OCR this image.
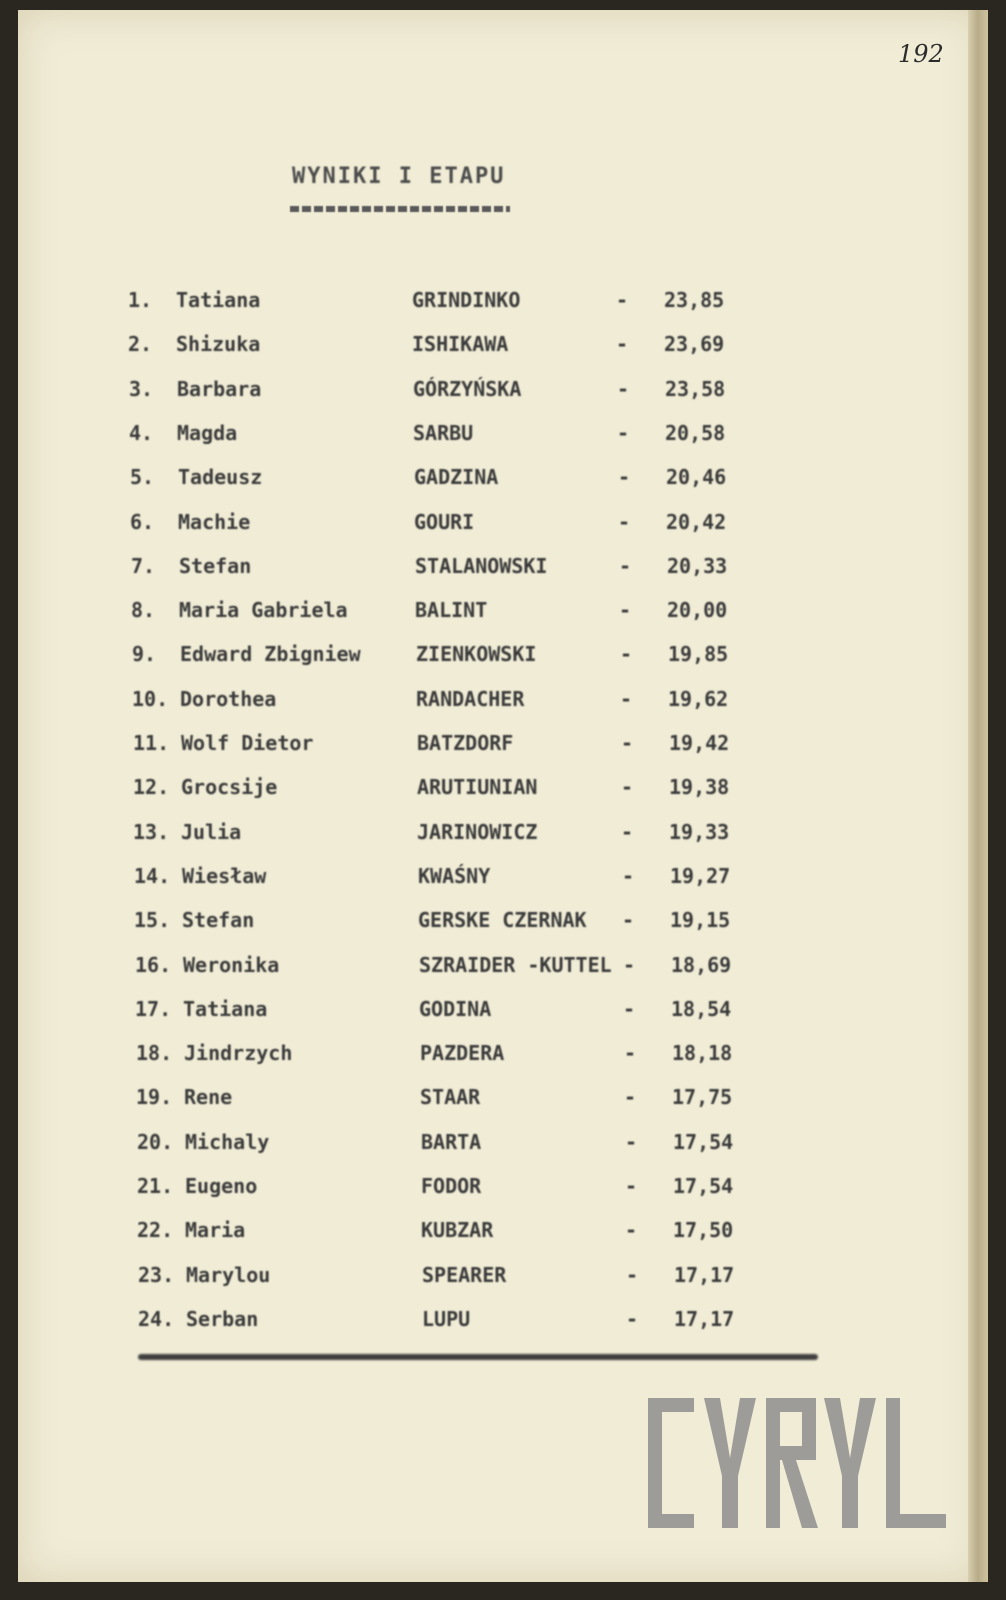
192
WYNIKI I ETAPU
1. Tatiana	GRINDINKO	- 23,85
2. Shizuka	ISHIKAWA	- 23,69
3. Barbara	GÓRZYŃSKA	- 23,58
4. Magda	SARBU	- 20,58
5. Tadeusz	GADZINA	- 20,46
6. Machie	GOURI	- 20,42
7. Stefan	STALANOWSKI	- 20,33
8. Maria Gabriela	BALINT	- 20,00
9. Edward Zbigniew	ZIENKOWSKI	- 19,85
10. Dorothea	RANDACHER	- 19,62
11. Wolf Dietor	BATZDORF	- 19,42
12. Grocsije	ARUTIUNIAN	- 19,38
13. Julia	JARINOWICZ	- 19,33
14. Wiesław	KWAŚNY	- 19,27
15. Stefan	GERSKE CZERNAK - 19,15
16. Weronika	SZRAIDER -KUTTEL - 18,69
17. Tatiana	GODINA	- 18,54
18. Jindrzych	PAZDERA	- 18,18
19. Rene	STAAR	- 17,75
20. Michaly	BARTA	- 17,54
21. Eugeno	FODOR	- 17,54
22. Maria	KUBZAR	- 17,50
23. Marylou	SPEARER	- 17,17
24. Serban	LUPU	- 17,17
